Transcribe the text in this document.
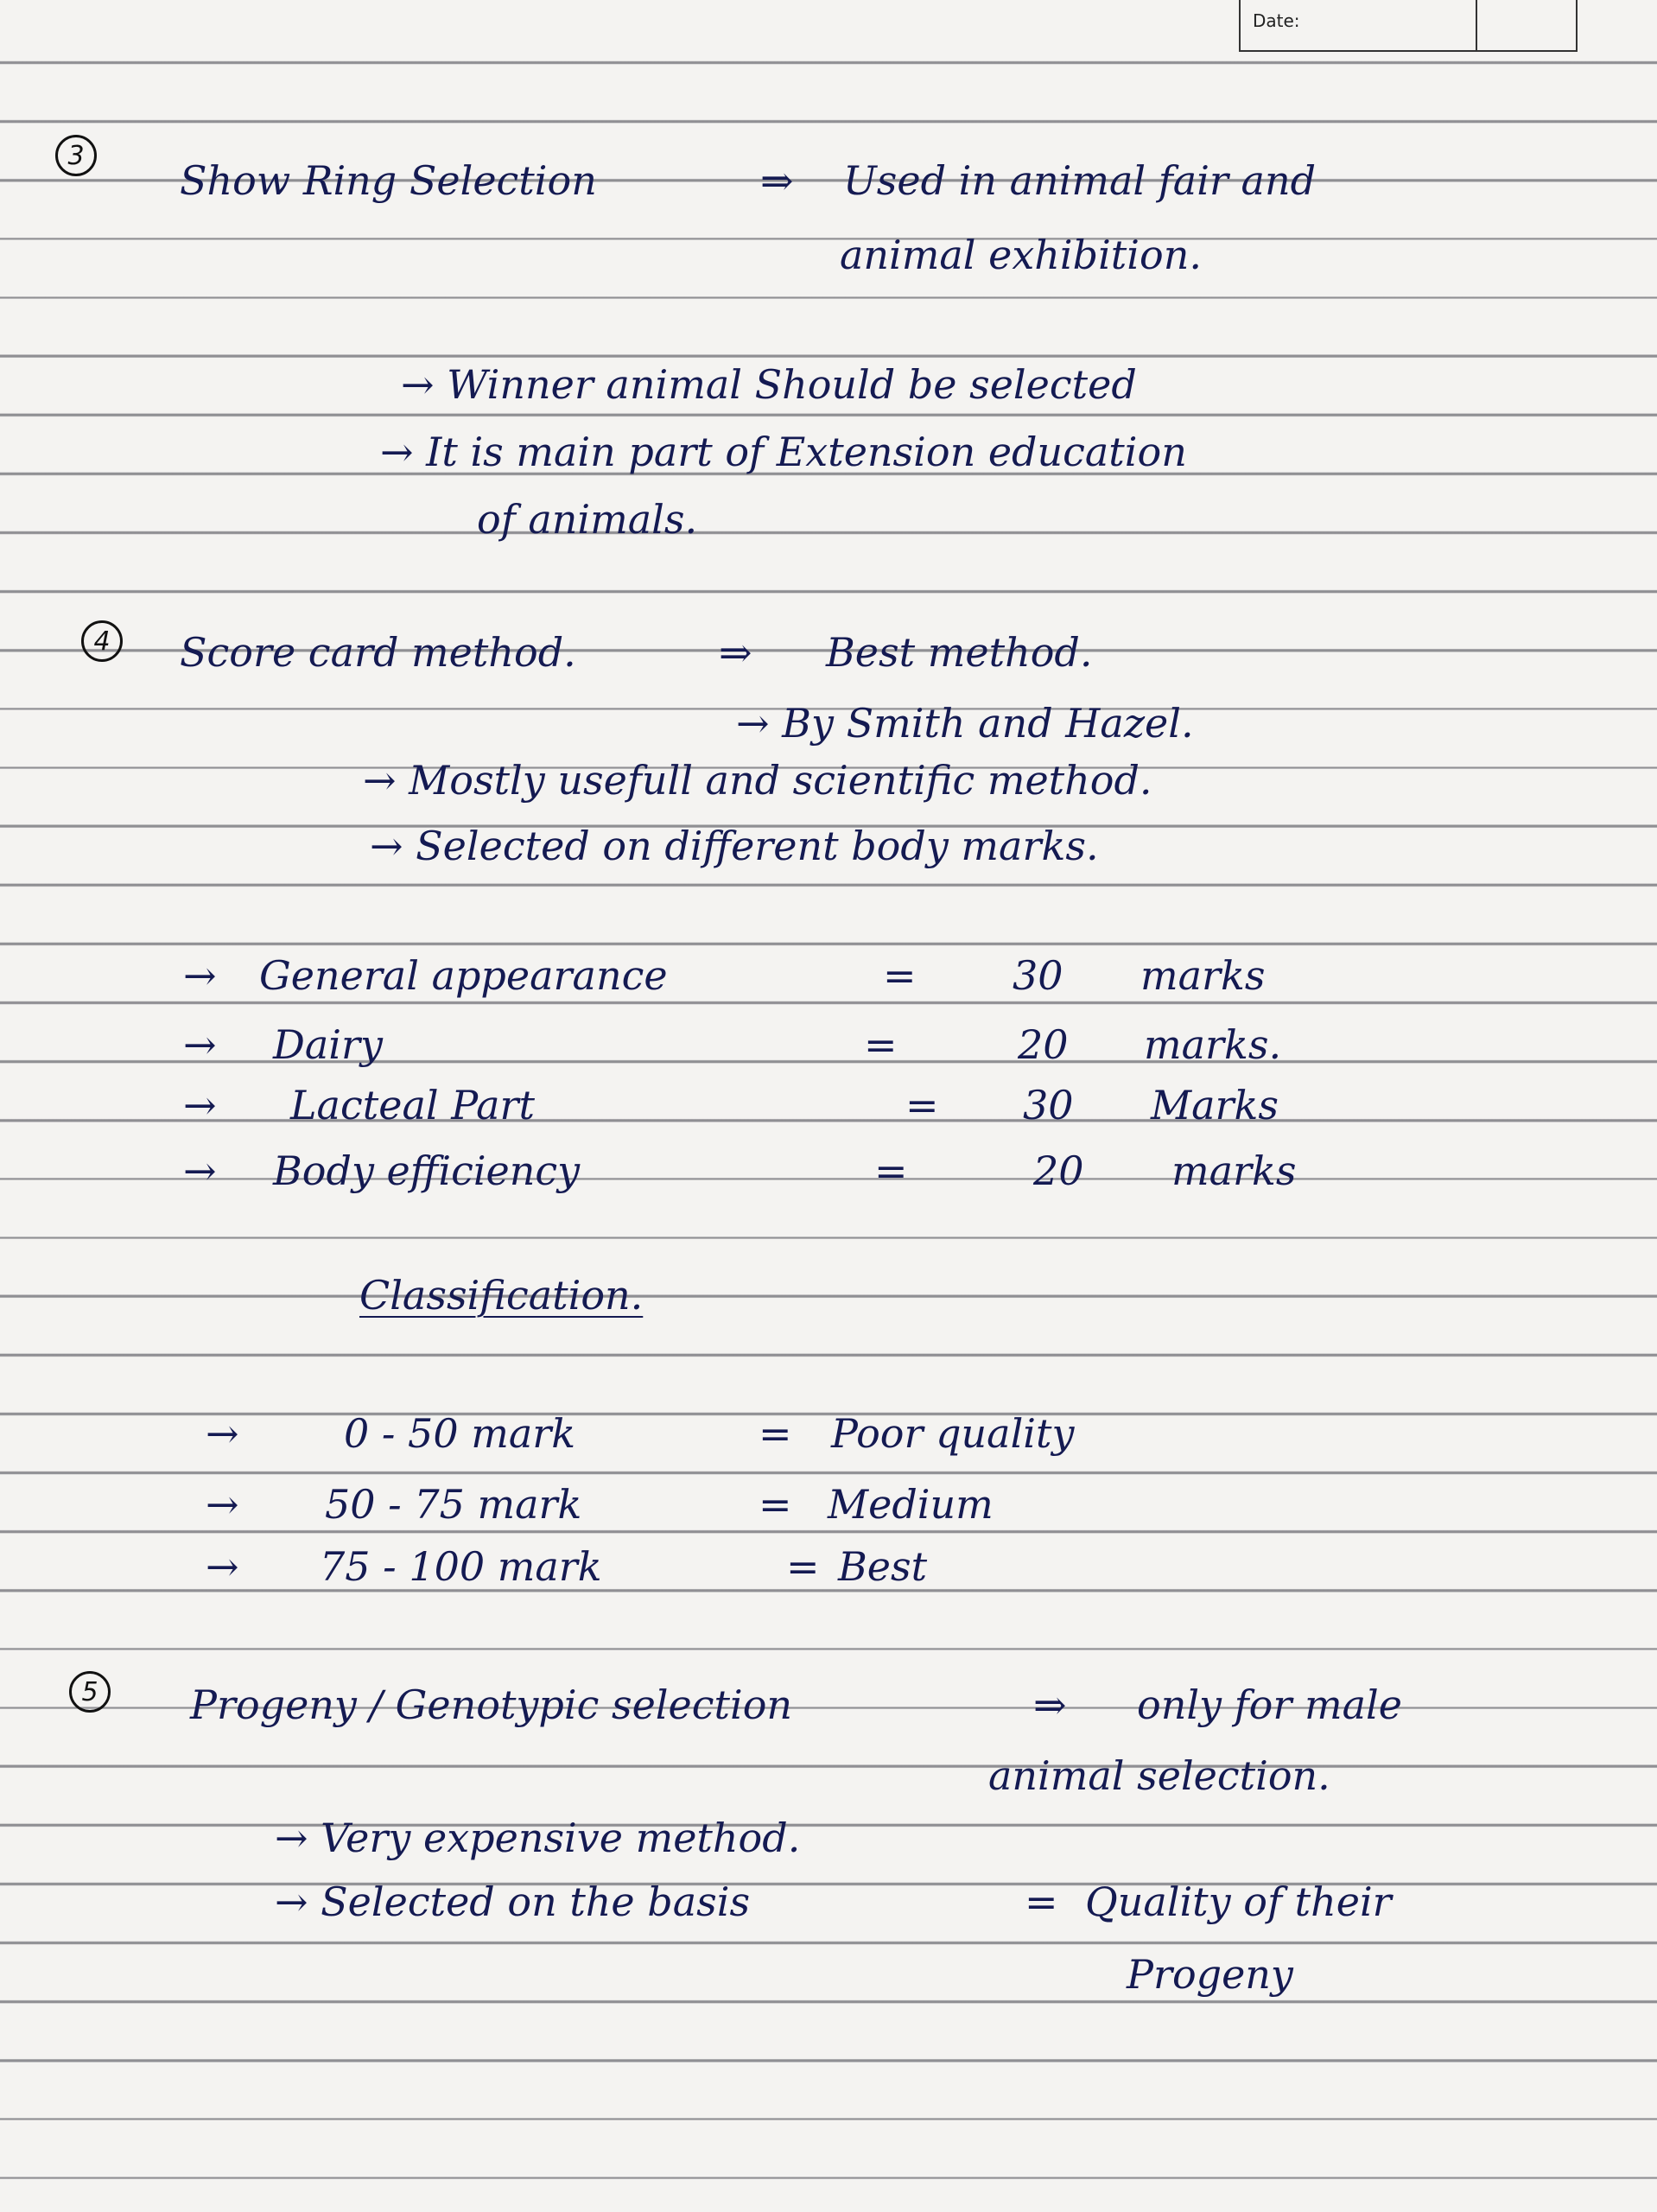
Date:
3
Show Ring Selection	⇒ Used in animal fair and
animal exhibition.
→ Winner animal Should be selected
→ It is main part of Extension education
of animals.
4	Score card method.	⇒ Best method.
→ By Smith and Hazel.
→ Mostly usefull and scientific method.
→ Selected on different body marks.
→ General appearance	= 30 marks
→ Dairy	=	20 marks.
→ Lacteal Part	= 30 Marks
→ Body efficiency	=	20 marks
Classification.
→	0 - 50 mark	= Poor quality
→ 50 - 75 mark	= Medium
→ 75 - 100 mark	= Best
5	Progeny / Genotypic selection	⇒ only for male
animal selection.
→ Very expensive method.
→ Selected on the basis	= Quality of their
Progeny
